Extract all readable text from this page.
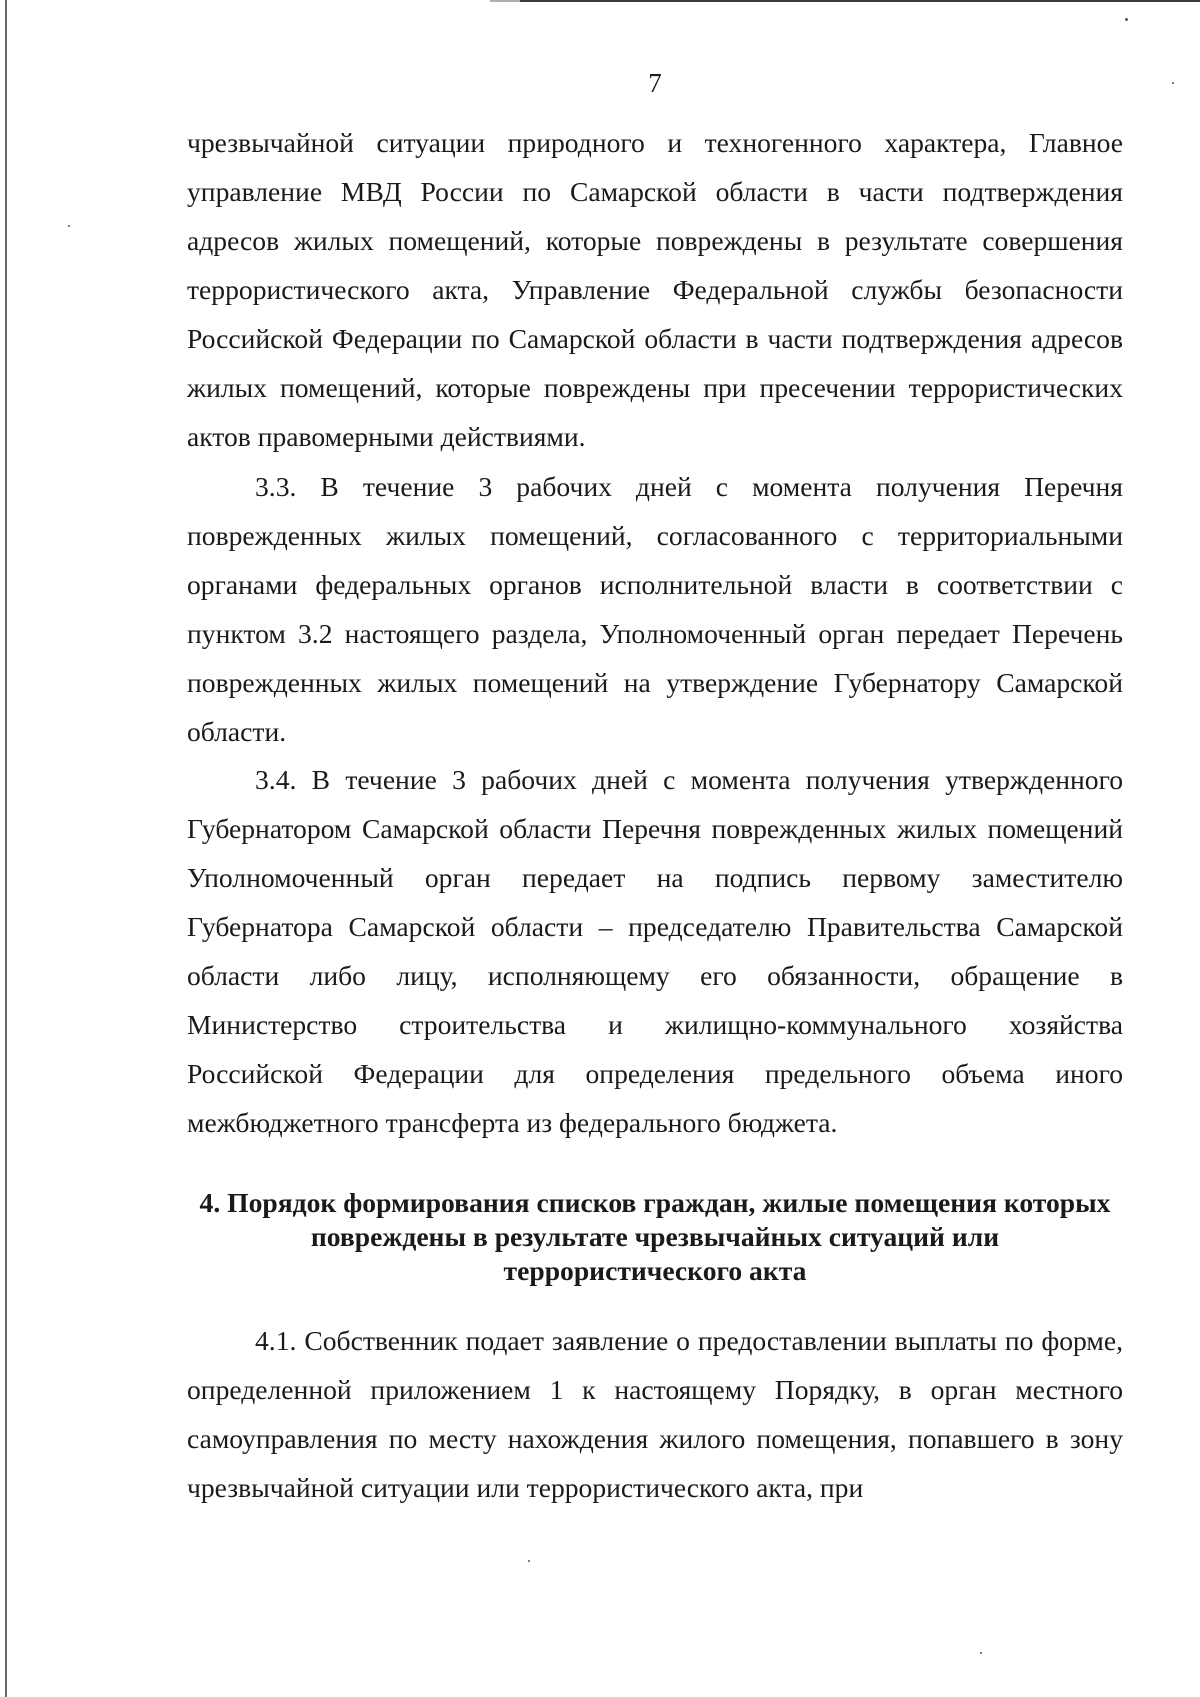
7

чрезвычайной ситуации природного и техногенного характера, Главное управление МВД России по Самарской области в части подтверждения адресов жилых помещений, которые повреждены в результате совершения террористического акта, Управление Федеральной службы безопасности Российской Федерации по Самарской области в части подтверждения адресов жилых помещений, которые повреждены при пресечении террористических актов правомерными действиями.

3.3. В течение 3 рабочих дней с момента получения Перечня поврежденных жилых помещений, согласованного с территориальными органами федеральных органов исполнительной власти в соответствии с пунктом 3.2 настоящего раздела, Уполномоченный орган передает Перечень поврежденных жилых помещений на утверждение Губернатору Самарской области.

3.4. В течение 3 рабочих дней с момента получения утвержденного Губернатором Самарской области Перечня поврежденных жилых помещений Уполномоченный орган передает на подпись первому заместителю Губернатора Самарской области – председателю Правительства Самарской области либо лицу, исполняющему его обязанности, обращение в Министерство строительства и жилищно-коммунального хозяйства Российской Федерации для определения предельного объема иного межбюджетного трансферта из федерального бюджета.

4. Порядок формирования списков граждан, жилые помещения которых
повреждены в результате чрезвычайных ситуаций или
террористического акта

4.1. Собственник подает заявление о предоставлении выплаты по форме, определенной приложением 1 к настоящему Порядку, в орган местного самоуправления по месту нахождения жилого помещения, попавшего в зону чрезвычайной ситуации или террористического акта, при
